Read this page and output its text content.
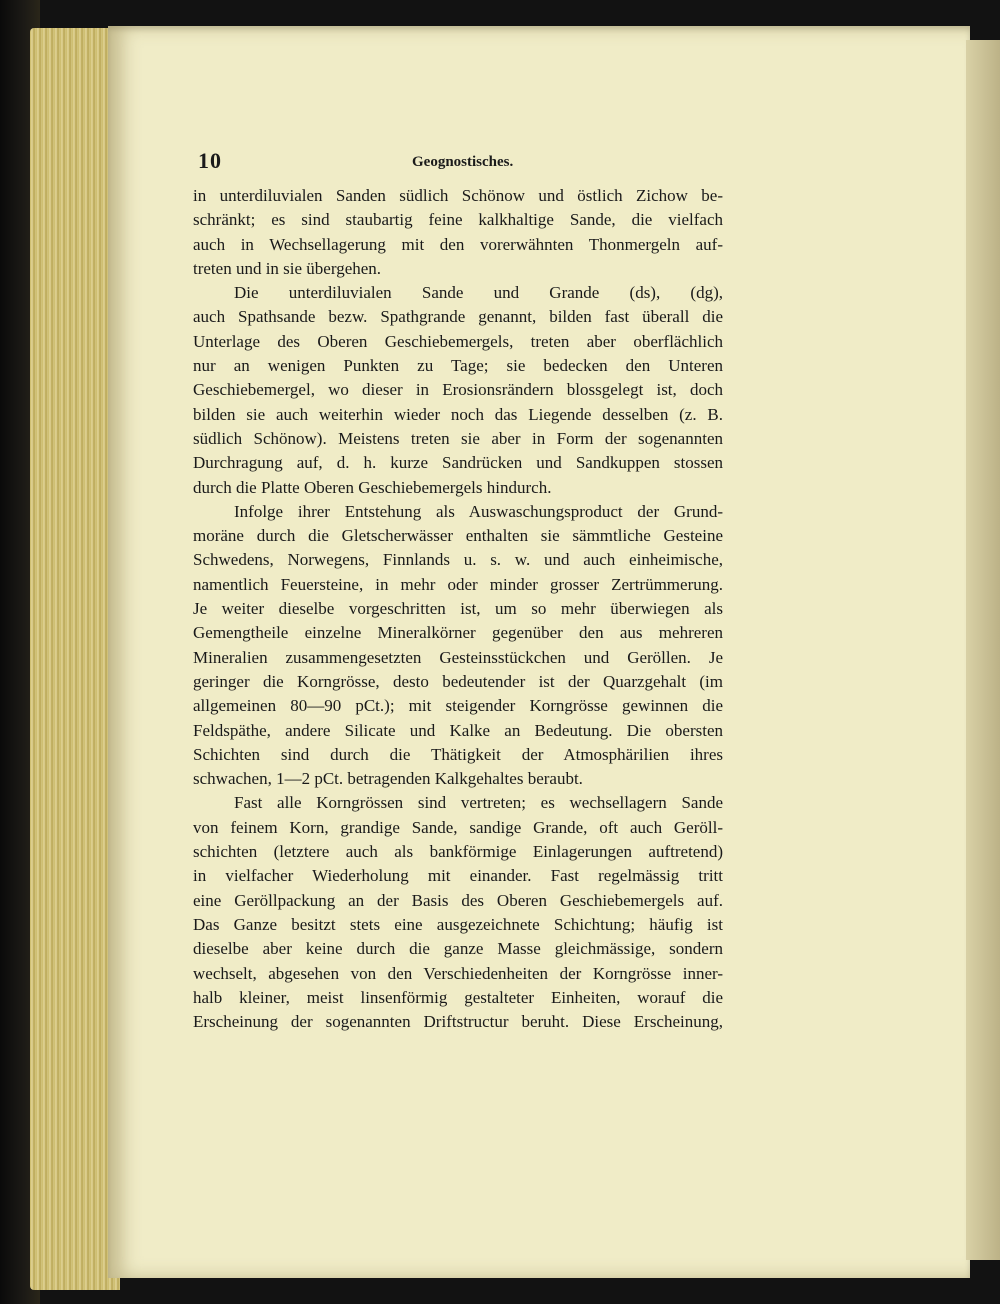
10	Geognostisches.
in unterdiluvialen Sanden südlich Schönow und östlich Zichow be-
schränkt; es sind staubartig feine kalkhaltige Sande, die vielfach
auch in Wechsellagerung mit den vorerwähnten Thonmergeln auf-
treten und in sie übergehen.
Die unterdiluvialen Sande und Grande (ds), (dg),
auch Spathsande bezw. Spathgrande genannt, bilden fast überall die
Unterlage des Oberen Geschiebemergels, treten aber oberflächlich
nur an wenigen Punkten zu Tage; sie bedecken den Unteren
Geschiebemergel, wo dieser in Erosionsrändern blossgelegt ist, doch
bilden sie auch weiterhin wieder noch das Liegende desselben (z. B.
südlich Schönow). Meistens treten sie aber in Form der sogenannten
Durchragung auf, d. h. kurze Sandrücken und Sandkuppen stossen
durch die Platte Oberen Geschiebemergels hindurch.
Infolge ihrer Entstehung als Auswaschungsproduct der Grund-
moräne durch die Gletscherwässer enthalten sie sämmtliche Gesteine
Schwedens, Norwegens, Finnlands u. s. w. und auch einheimische,
namentlich Feuersteine, in mehr oder minder grosser Zertrümmerung.
Je weiter dieselbe vorgeschritten ist, um so mehr überwiegen als
Gemengtheile einzelne Mineralkörner gegenüber den aus mehreren
Mineralien zusammengesetzten Gesteinsstückchen und Geröllen. Je
geringer die Korngrösse, desto bedeutender ist der Quarzgehalt (im
allgemeinen 80—90 pCt.); mit steigender Korngrösse gewinnen die
Feldspäthe, andere Silicate und Kalke an Bedeutung. Die obersten
Schichten sind durch die Thätigkeit der Atmosphärilien ihres
schwachen, 1—2 pCt. betragenden Kalkgehaltes beraubt.
Fast alle Korngrössen sind vertreten; es wechsellagern Sande
von feinem Korn, grandige Sande, sandige Grande, oft auch Geröll-
schichten (letztere auch als bankförmige Einlagerungen auftretend)
in vielfacher Wiederholung mit einander. Fast regelmässig tritt
eine Geröllpackung an der Basis des Oberen Geschiebemergels auf.
Das Ganze besitzt stets eine ausgezeichnete Schichtung; häufig ist
dieselbe aber keine durch die ganze Masse gleichmässige, sondern
wechselt, abgesehen von den Verschiedenheiten der Korngrösse inner-
halb kleiner, meist linsenförmig gestalteter Einheiten, worauf die
Erscheinung der sogenannten Driftstructur beruht. Diese Erscheinung,
